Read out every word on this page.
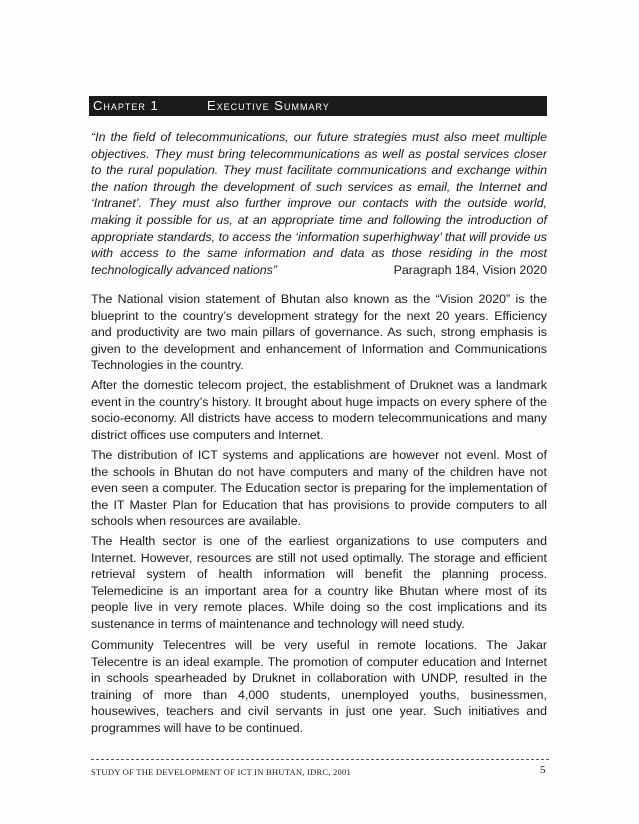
Chapter 1	Executive Summary

“In the field of telecommunications, our future strategies must also meet multiple objectives. They must bring telecommunications as well as postal services closer to the rural population. They must facilitate communications and exchange within the nation through the development of such services as email, the Internet and ‘Intranet’. They must also further improve our contacts with the outside world, making it possible for us, at an appropriate time and following the introduction of appropriate standards, to access the ‘information superhighway’ that will provide us with access to the same information and data as those residing in the most technologically advanced nations”	Paragraph 184, Vision 2020

The National vision statement of Bhutan also known as the “Vision 2020” is the blueprint to the country’s development strategy for the next 20 years. Efficiency and productivity are two main pillars of governance. As such, strong emphasis is given to the development and enhancement of Information and Communications Technologies in the country.

After the domestic telecom project, the establishment of Druknet was a landmark event in the country’s history. It brought about huge impacts on every sphere of the socio-economy. All districts have access to modern telecommunications and many district offices use computers and Internet.

The distribution of ICT systems and applications are however not evenl. Most of the schools in Bhutan do not have computers and many of the children have not even seen a computer. The Education sector is preparing for the implementation of the IT Master Plan for Education that has provisions to provide computers to all schools when resources are available.

The Health sector is one of the earliest organizations to use computers and Internet. However, resources are still not used optimally. The storage and efficient retrieval system of health information will benefit the planning process. Telemedicine is an important area for a country like Bhutan where most of its people live in very remote places. While doing so the cost implications and its sustenance in terms of maintenance and technology will need study.

Community Telecentres will be very useful in remote locations. The Jakar Telecentre is an ideal example. The promotion of computer education and Internet in schools spearheaded by Druknet in collaboration with UNDP, resulted in the training of more than 4,000 students, unemployed youths, businessmen, housewives, teachers and civil servants in just one year. Such initiatives and programmes will have to be continued.

STUDY OF THE DEVELOPMENT OF ICT IN BHUTAN, IDRC, 2001	5
